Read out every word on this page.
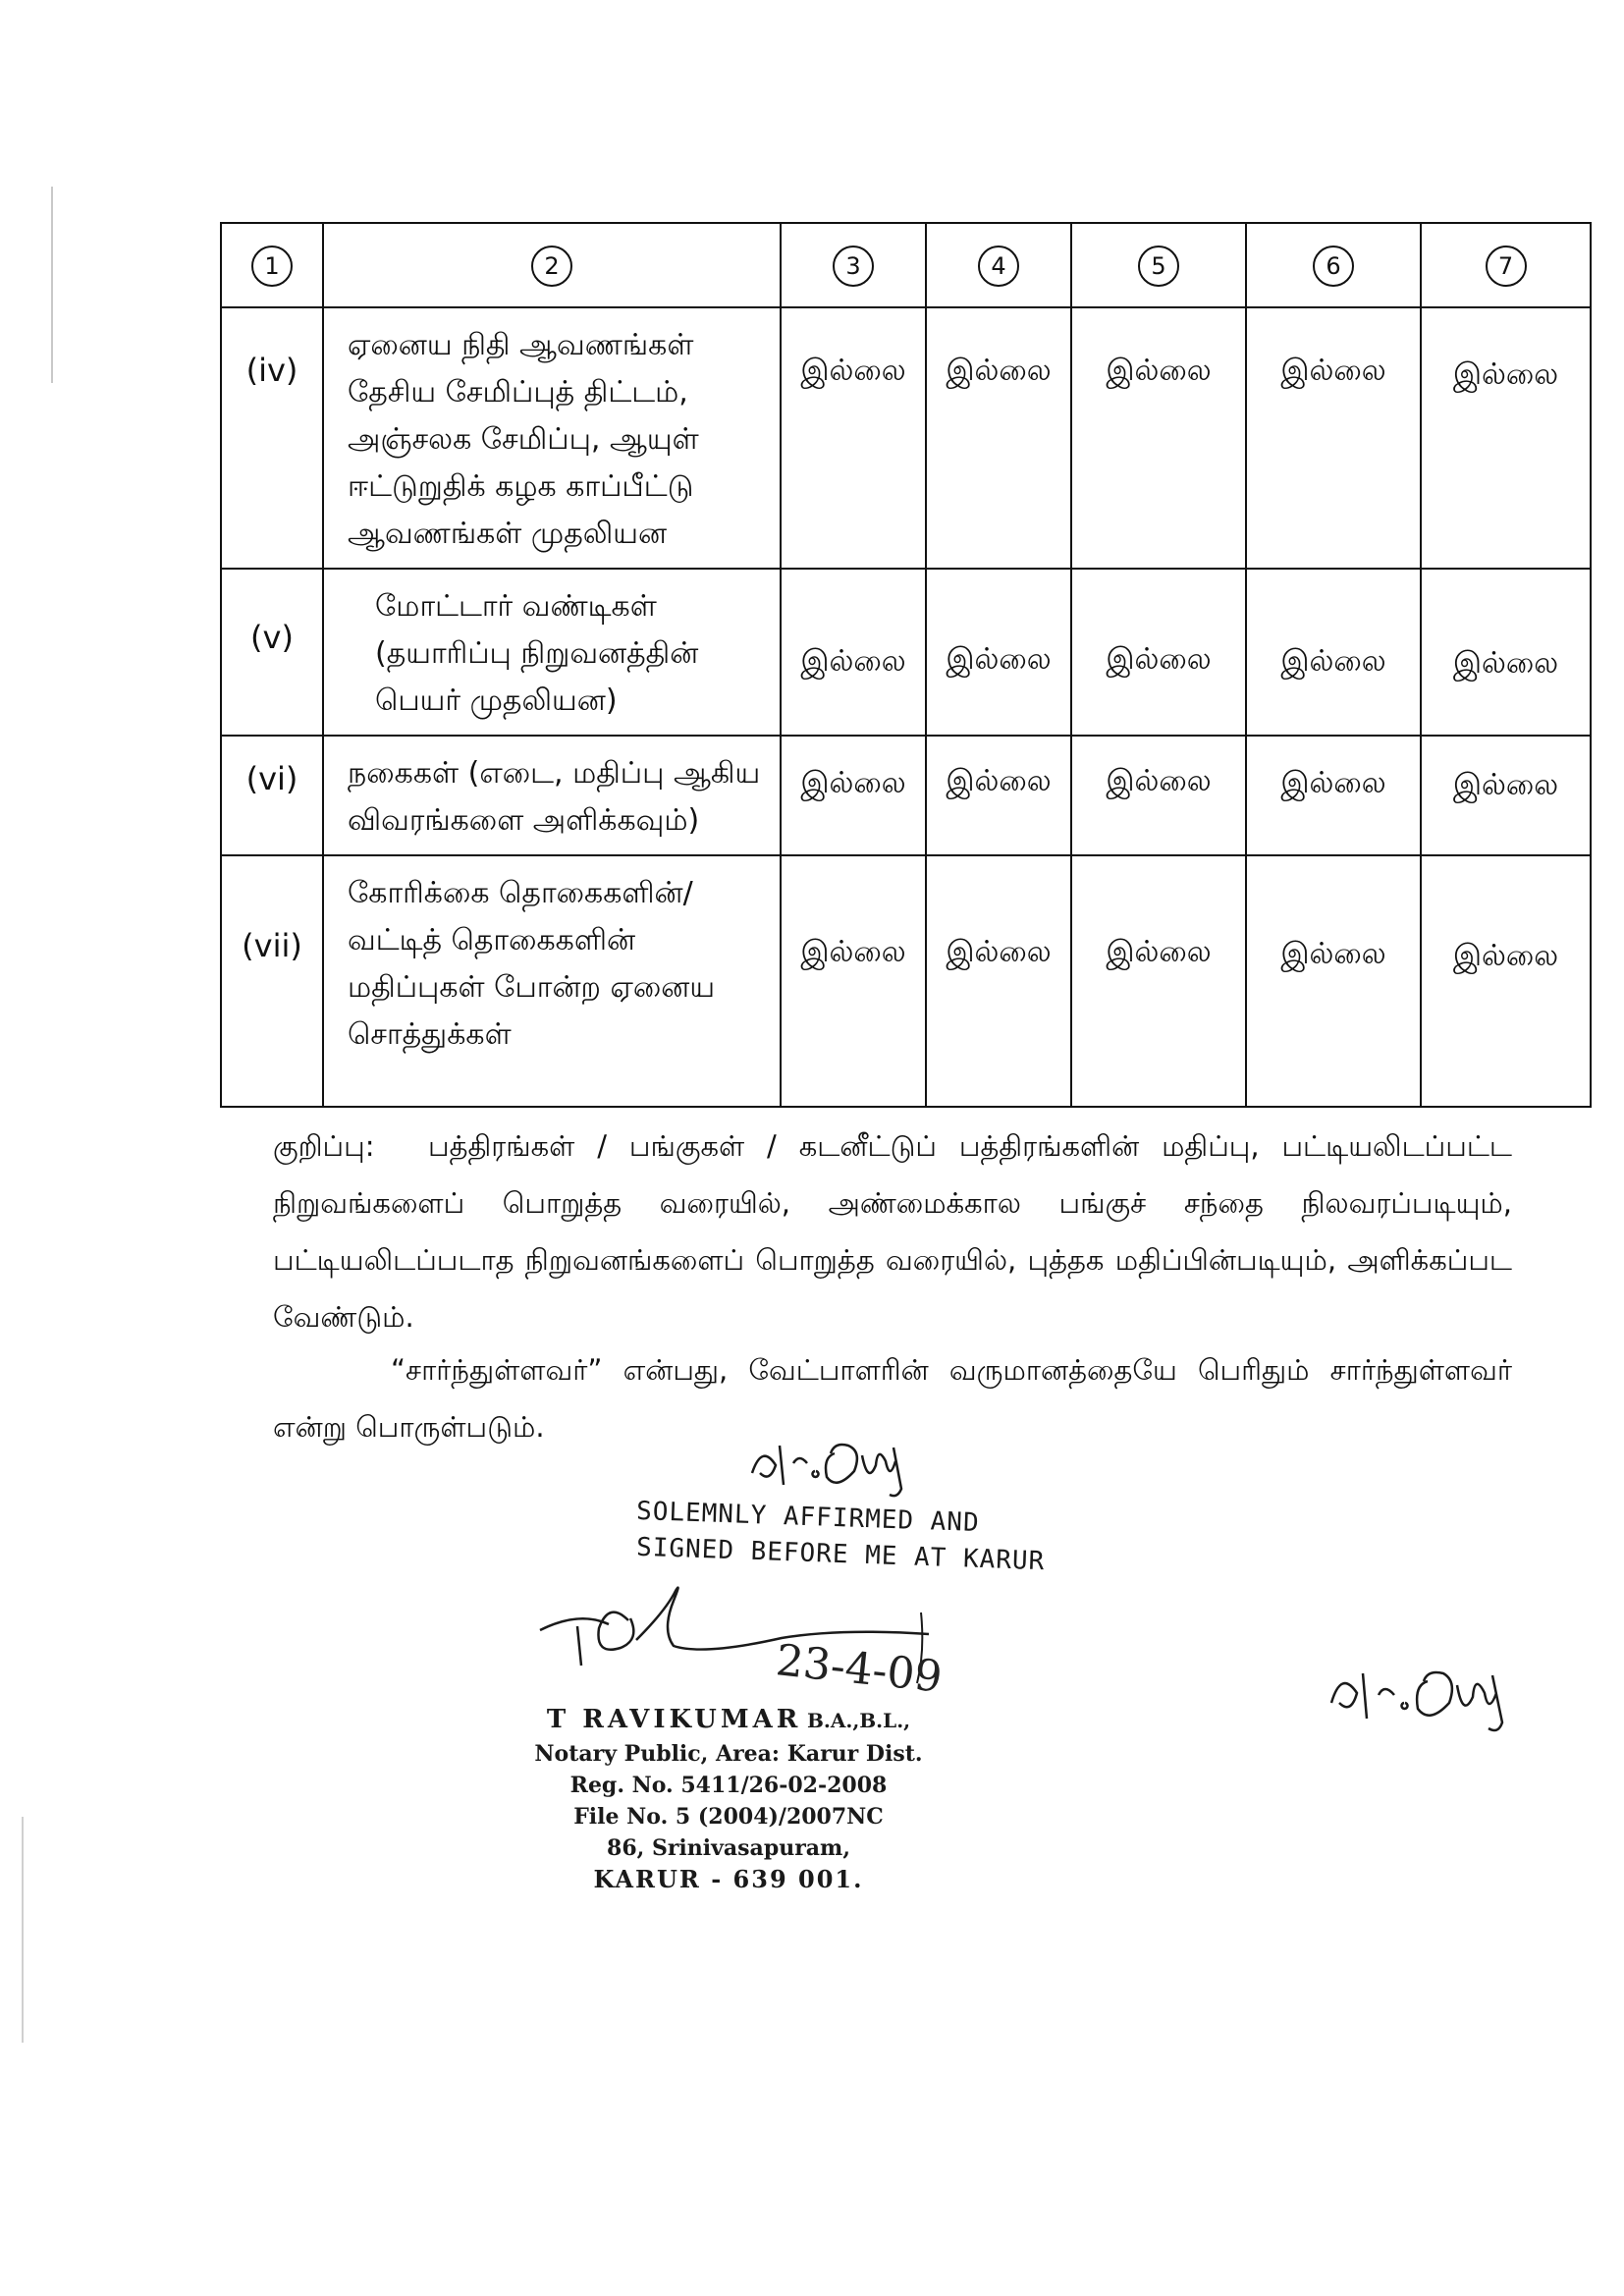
1	2	3	4	5	6	7
(iv)	ஏனைய நிதி ஆவணங்கள்
தேசிய சேமிப்புத் திட்டம்,
அஞ்சலக சேமிப்பு, ஆயுள்
ஈட்டுறுதிக் கழக காப்பீட்டு
ஆவணங்கள் முதலியன	இல்லை	இல்லை	இல்லை	இல்லை	இல்லை
(v)	மோட்டார் வண்டிகள்
(தயாரிப்பு நிறுவனத்தின்
பெயர் முதலியன)	இல்லை	இல்லை	இல்லை	இல்லை	இல்லை
(vi)	நகைகள் (எடை, மதிப்பு ஆகிய
விவரங்களை அளிக்கவும்)	இல்லை	இல்லை	இல்லை	இல்லை	இல்லை
(vii)	கோரிக்கை தொகைகளின்/
வட்டித் தொகைகளின்
மதிப்புகள் போன்ற ஏனைய
சொத்துக்கள்	இல்லை	இல்லை	இல்லை	இல்லை	இல்லை
குறிப்பு: பத்திரங்கள் / பங்குகள் / கடனீட்டுப் பத்திரங்களின் மதிப்பு, பட்டியலிடப்பட்ட நிறுவங்களைப் பொறுத்த வரையில், அண்மைக்கால பங்குச் சந்தை நிலவரப்படியும், பட்டியலிடப்படாத நிறுவனங்களைப் பொறுத்த வரையில், புத்தக மதிப்பின்படியும், அளிக்கப்பட வேண்டும்.
“சார்ந்துள்ளவர்” என்பது, வேட்பாளரின் வருமானத்தையே பெரிதும் சார்ந்துள்ளவர் என்று பொருள்படும்.
SOLEMNLY AFFIRMED AND
SIGNED BEFORE ME AT KARUR
23-4-09
T RAVIKUMAR B.A.,B.L.,
Notary Public, Area: Karur Dist.
Reg. No. 5411/26-02-2008
File No. 5 (2004)/2007NC
86, Srinivasapuram,
KARUR - 639 001.
